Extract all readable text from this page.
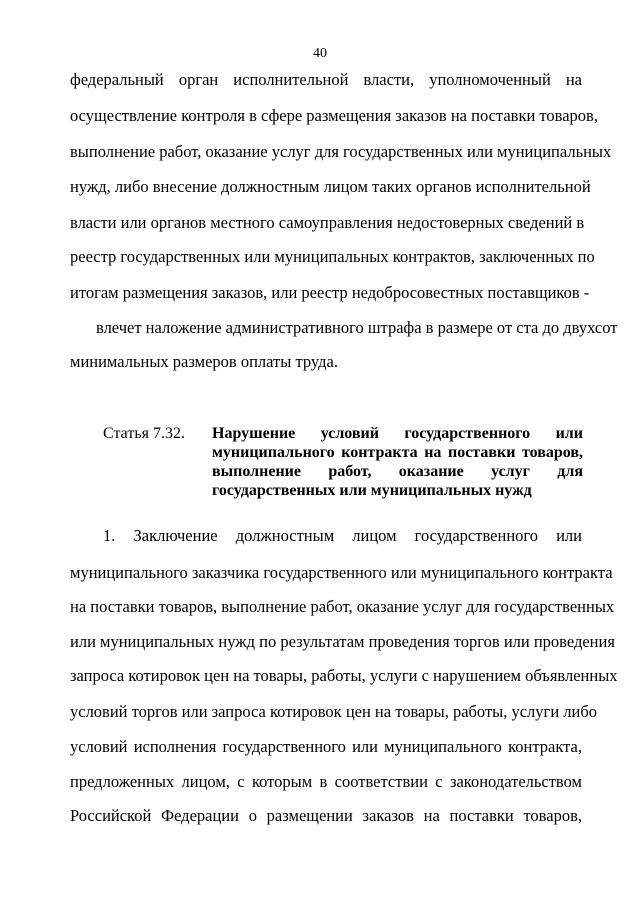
40
федеральный орган исполнительной власти, уполномоченный на
осуществление контроля в сфере размещения заказов на поставки товаров,
выполнение работ, оказание услуг для государственных или муниципальных
нужд, либо внесение должностным лицом таких органов исполнительной
власти или органов местного самоуправления недостоверных сведений в
реестр государственных или муниципальных контрактов, заключенных по
итогам размещения заказов, или реестр недобросовестных поставщиков -
влечет наложение административного штрафа в размере от ста до двухсот
минимальных размеров оплаты труда.
Статья 7.32. Нарушение условий государственного или
муниципального контракта на поставки товаров,
выполнение работ, оказание услуг для
государственных или муниципальных нужд
1. Заключение должностным лицом государственного или
муниципального заказчика государственного или муниципального контракта
на поставки товаров, выполнение работ, оказание услуг для государственных
или муниципальных нужд по результатам проведения торгов или проведения
запроса котировок цен на товары, работы, услуги с нарушением объявленных
условий торгов или запроса котировок цен на товары, работы, услуги либо
условий исполнения государственного или муниципального контракта,
предложенных лицом, с которым в соответствии с законодательством
Российской Федерации о размещении заказов на поставки товаров,
